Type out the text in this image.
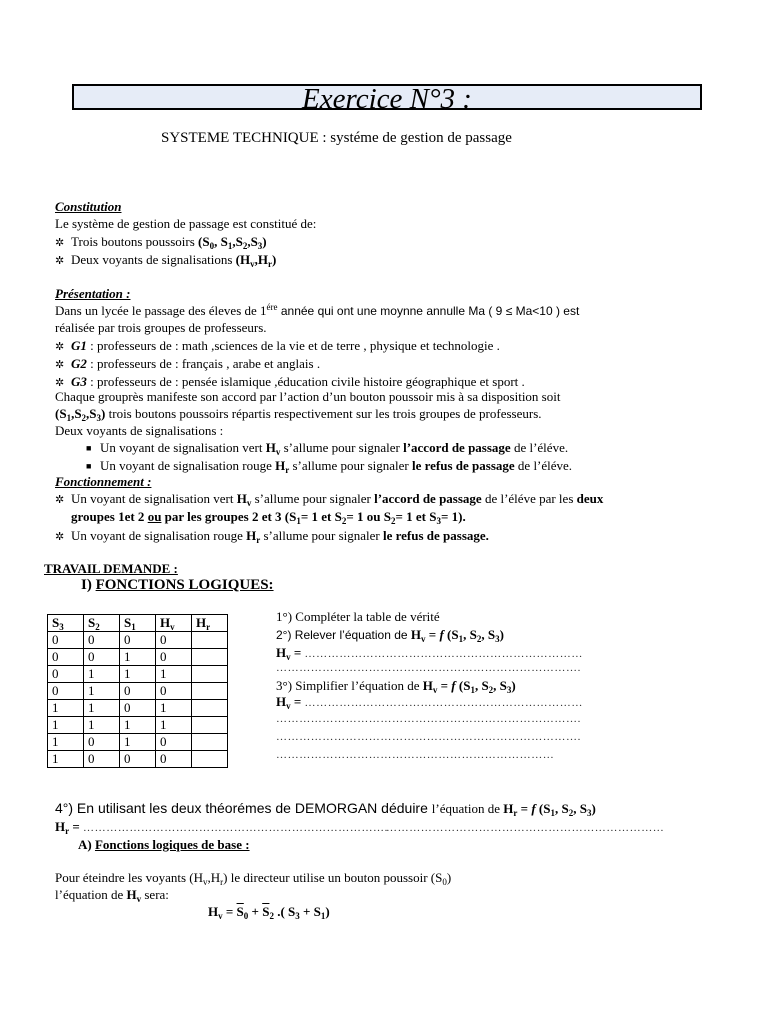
Exercice N°3 :
SYSTEME TECHNIQUE : systéme de gestion de passage
Constitution
Le système de gestion de passage est constitué de:
✲ Trois boutons poussoirs ($S_0$, $S_1,S_2,S_3$)
✲ Deux voyants de signalisations $(H_v,H_r)$
Présentation :
Dans un lycée le passage des éleves de $1^{ére}$ année qui ont une moynne annulle Ma ( 9 ≤ Ma<10 ) est
réalisée par trois groupes de professeurs.
✲ G1 : professeurs de : math ,sciences de la vie et de terre , physique et technologie .
✲ G2 : professeurs de : français , arabe et anglais .
✲ G3 : professeurs de : pensée islamique ,éducation civile histoire géographique et sport .
Chaque grouprès manifeste son accord par l’action d’un bouton poussoir mis à sa disposition soit
$(S_1,S_2,S_3)$ trois boutons poussoirs répartis respectivement sur les trois groupes de professeurs.
Deux voyants de signalisations :
■ Un voyant de signalisation vert $H_v$ s’allume pour signaler l’accord de passage de l’éléve.
■ Un voyant de signalisation rouge $H_r$ s’allume pour signaler le refus de passage de l’éléve.
Fonctionnement :
✲ Un voyant de signalisation vert $H_v$ s’allume pour signaler l’accord de passage de l’éléve par les deux
groupes 1et 2 ou par les groupes 2 et 3 ($S_1= 1$ et $S_2= 1$ ou $S_2= 1$ et $S_3= 1$).
✲ Un voyant de signalisation rouge $H_r$ s’allume pour signaler le refus de passage.
TRAVAIL DEMANDE :
I) FONCTIONS LOGIQUES:
$S_3$	$S_2$	$S_1$	$H_v$	$H_r$
0	0	0	0	
0	0	1	0	
0	1	1	1	
0	1	0	0	
1	1	0	1	
1	1	1	1	
1	0	1	0	
1	0	0	0	
1°) Compléter la table de vérité
2°) Relever l’équation de $H_v = f$ ($S_1$, $S_2$, $S_3$)
$H_v$ = ………………………………………………………………
…………………………………………………………………….
3°) Simplifier l’équation de $H_v = f$ ($S_1$, $S_2$, $S_3$)
$H_v$ = ………………………………………………………………
…………………………………………………………………….
…………………………………………………………………….
………………………………………………………………
4°) En utilisant les deux théorémes de DEMORGAN déduire l’équation de $H_r = f$ ($S_1$, $S_2$, $S_3$)
$H_r$ = …………………………………………………………………….………………………………………………………………
A) Fonctions logiques de base :
Pour éteindre les voyants $(H_v,H_r)$ le directeur utilise un bouton poussoir $(S_0)$
l’équation de $H_v$ sera:
$H_v = \overline{S}_0 + \overline{S}_2$ .( $S_3 + S_1$)
